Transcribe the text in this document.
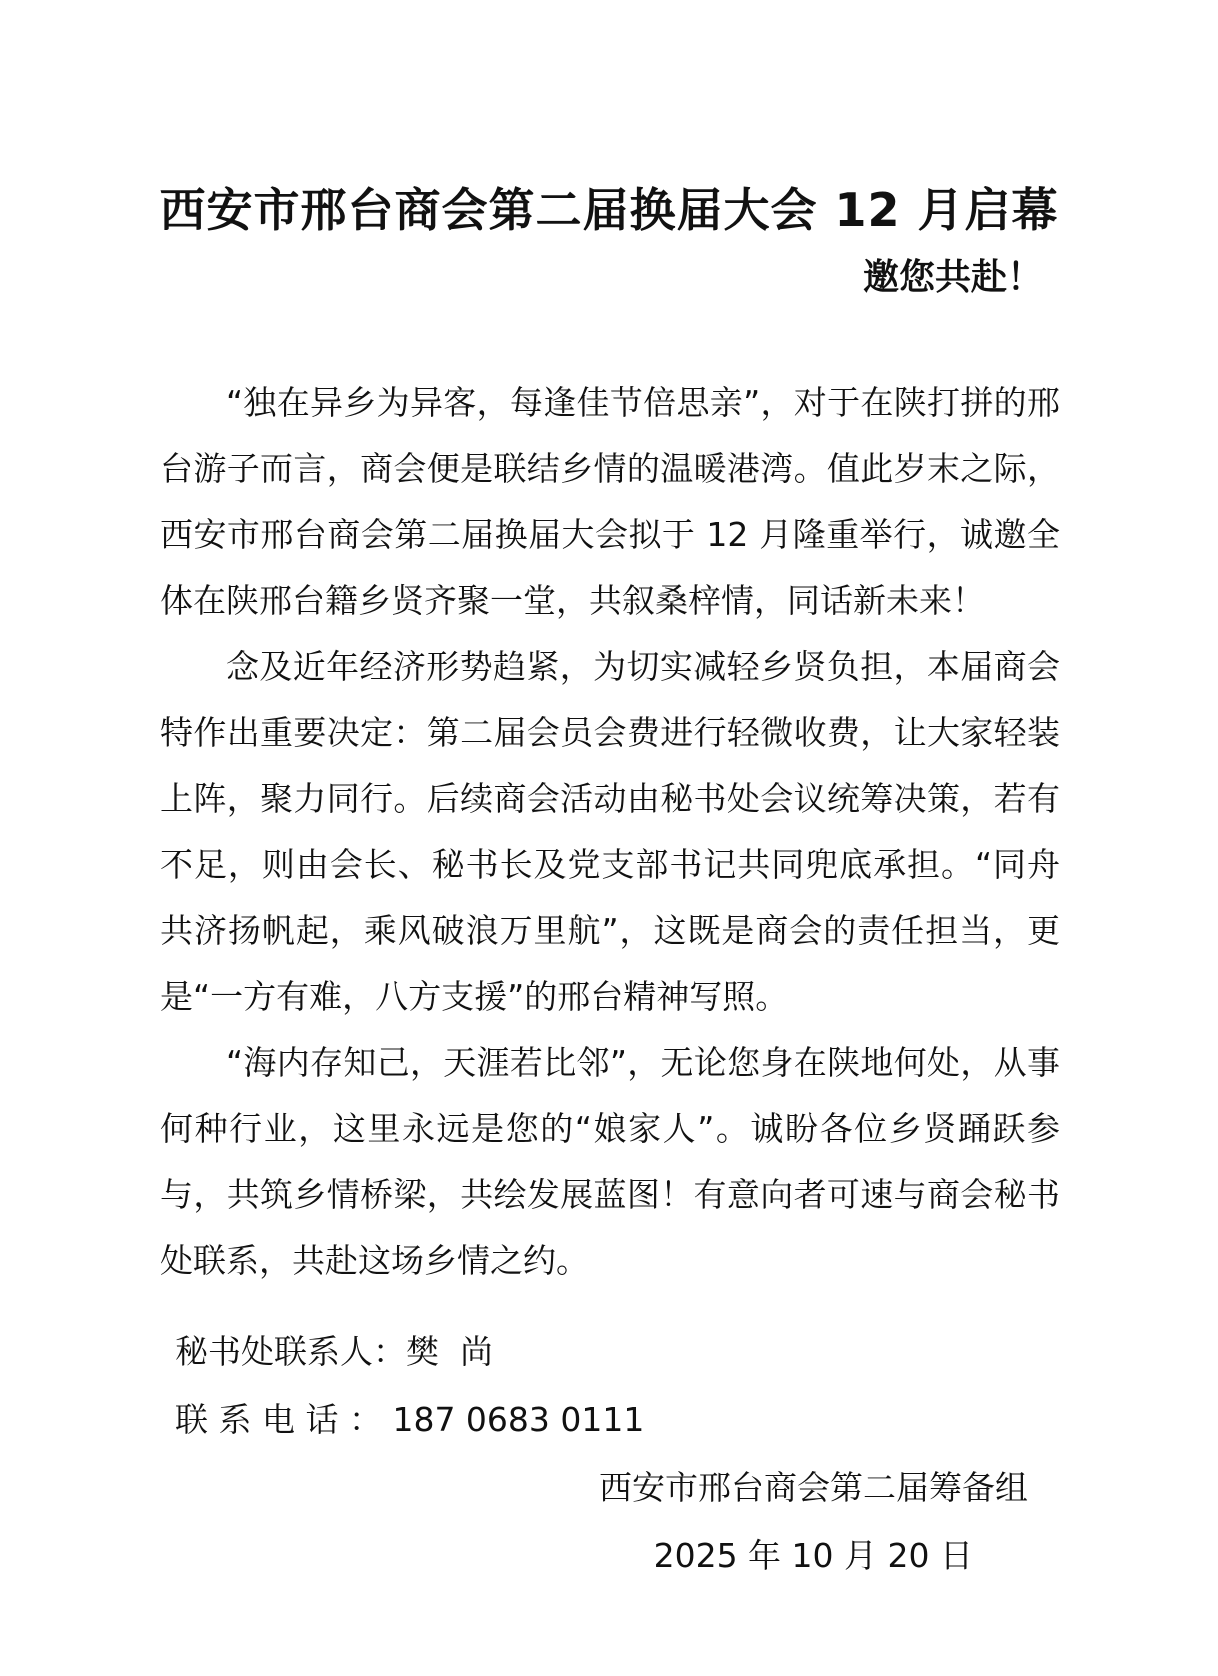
西安市邢台商会第二届换届大会 12 月启幕
邀您共赴！

“独在异乡为异客，每逢佳节倍思亲”，对于在陕打拼的邢台游子而言，商会便是联结乡情的温暖港湾。值此岁末之际，西安市邢台商会第二届换届大会拟于 12 月隆重举行，诚邀全体在陕邢台籍乡贤齐聚一堂，共叙桑梓情，同话新未来！

念及近年经济形势趋紧，为切实减轻乡贤负担，本届商会特作出重要决定：第二届会员会费进行轻微收费，让大家轻装上阵，聚力同行。后续商会活动由秘书处会议统筹决策，若有不足，则由会长、秘书长及党支部书记共同兜底承担。“同舟共济扬帆起，乘风破浪万里航”，这既是商会的责任担当，更是“一方有难，八方支援”的邢台精神写照。

“海内存知己，天涯若比邻”，无论您身在陕地何处，从事何种行业，这里永远是您的“娘家人”。诚盼各位乡贤踊跃参与，共筑乡情桥梁，共绘发展蓝图！有意向者可速与商会秘书处联系，共赴这场乡情之约。

秘书处联系人：樊  尚

联 系 电 话 ： 187 0683 0111

西安市邢台商会第二届筹备组

2025 年 10 月 20 日
